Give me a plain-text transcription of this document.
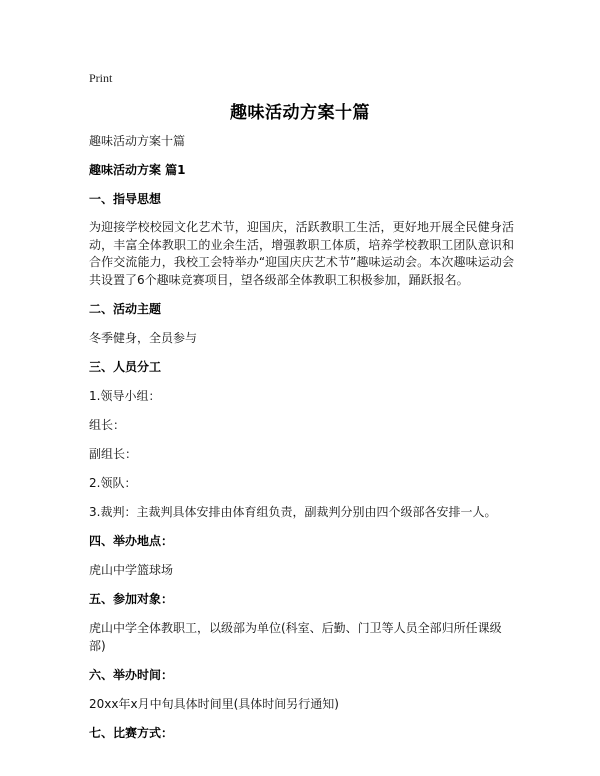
Print
趣味活动方案十篇
趣味活动方案十篇
趣味活动方案 篇1
一、指导思想
为迎接学校校园文化艺术节，迎国庆，活跃教职工生活，更好地开展全民健身活动，丰富全体教职工的业余生活，增强教职工体质，培养学校教职工团队意识和合作交流能力，我校工会特举办“迎国庆庆艺术节”趣味运动会。本次趣味运动会共设置了6个趣味竞赛项目，望各级部全体教职工积极参加，踊跃报名。
二、活动主题
冬季健身，全员参与
三、人员分工
1.领导小组：
组长：
副组长：
2.领队：
3.裁判：主裁判具体安排由体育组负责，副裁判分别由四个级部各安排一人。
四、举办地点：
虎山中学篮球场
五、参加对象：
虎山中学全体教职工，以级部为单位(科室、后勤、门卫等人员全部归所任课级部)
六、举办时间：
20xx年x月中旬具体时间里(具体时间另行通知)
七、比赛方式：
